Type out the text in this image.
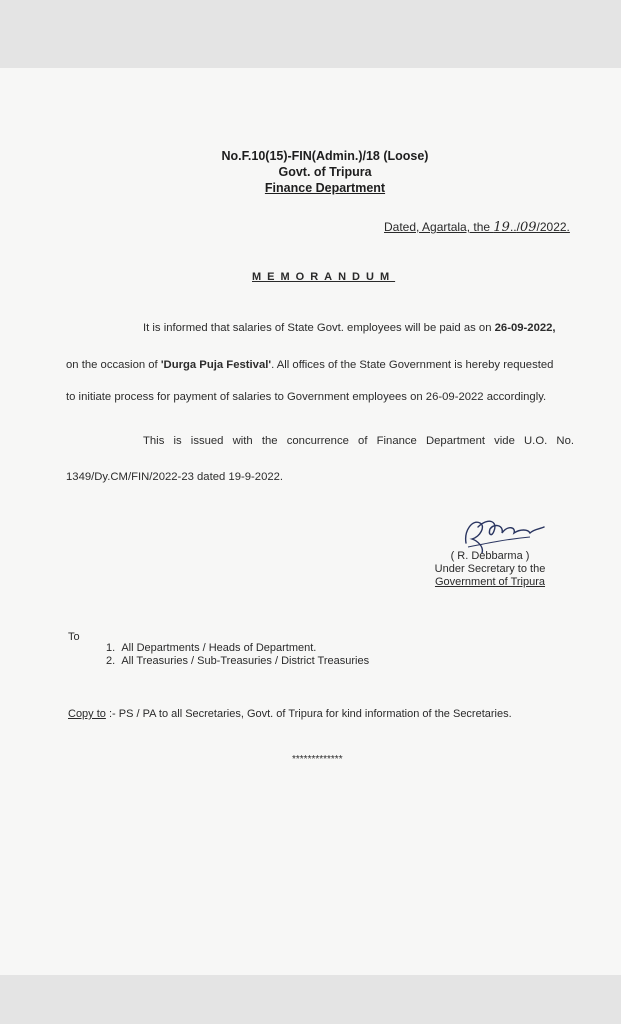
No.F.10(15)-FIN(Admin.)/18 (Loose)
Govt. of Tripura
Finance Department
Dated, Agartala, the 19../09/2022.
MEMORANDUM
It is informed that salaries of State Govt. employees will be paid as on 26-09-2022,
on the occasion of 'Durga Puja Festival'. All offices of the State Government is hereby requested
to initiate process for payment of salaries to Government employees on 26-09-2022 accordingly.
This is issued with the concurrence of Finance Department vide U.O. No.
1349/Dy.CM/FIN/2022-23 dated 19-9-2022.
( R. Debbarma )
Under Secretary to the
Government of Tripura
To
1. All Departments / Heads of Department.
2. All Treasuries / Sub-Treasuries / District Treasuries
Copy to :- PS / PA to all Secretaries, Govt. of Tripura for kind information of the Secretaries.
*************
